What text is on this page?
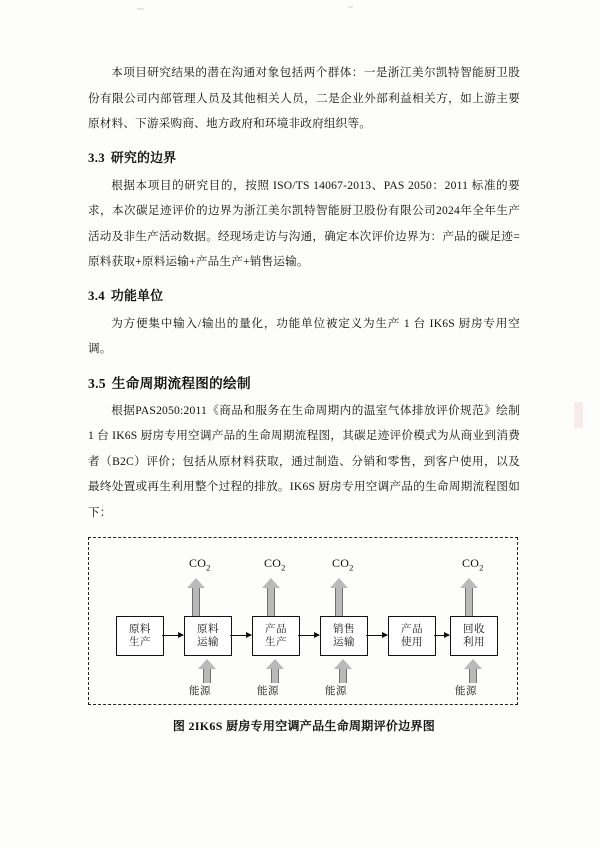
本项目研究结果的潜在沟通对象包括两个群体：一是浙江美尔凯特智能厨卫股份有限公司内部管理人员及其他相关人员，二是企业外部利益相关方，如上游主要原材料、下游采购商、地方政府和环境非政府组织等。

3.3 研究的边界

根据本项目的研究目的，按照 ISO/TS 14067-2013、PAS 2050：2011 标准的要求，本次碳足迹评价的边界为浙江美尔凯特智能厨卫股份有限公司2024年全年生产活动及非生产活动数据。经现场走访与沟通，确定本次评价边界为：产品的碳足迹=原料获取+原料运输+产品生产+销售运输。

3.4 功能单位

为方便集中输入/输出的量化，功能单位被定义为生产 1 台 IK6S 厨房专用空调。

3.5 生命周期流程图的绘制

根据PAS2050:2011《商品和服务在生命周期内的温室气体排放评价规范》绘制 1 台 IK6S 厨房专用空调产品的生命周期流程图，其碳足迹评价模式为从商业到消费者（B2C）评价；包括从原材料获取，通过制造、分销和零售，到客户使用，以及最终处置或再生利用整个过程的排放。IK6S 厨房专用空调产品的生命周期流程图如下：

$CO_2$	$CO_2$	$CO_2$	$CO_2$
原料
生产
原料
运输
产品
生产
销售
运输
产品
使用
回收
利用
能源	能源	能源	能源
图 2IK6S 厨房专用空调产品生命周期评价边界图
